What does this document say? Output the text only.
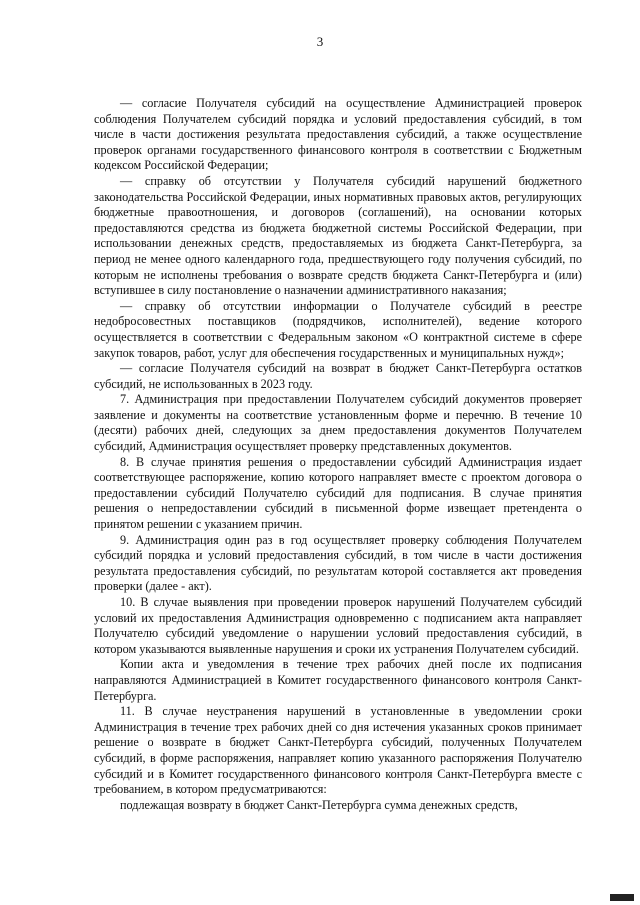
3

— согласие Получателя субсидий на осуществление Администрацией проверок соблюдения Получателем субсидий порядка и условий предоставления субсидий, в том числе в части достижения результата предоставления субсидий, а также осуществление проверок органами государственного финансового контроля в соответствии с Бюджетным кодексом Российской Федерации;

— справку об отсутствии у Получателя субсидий нарушений бюджетного законодательства Российской Федерации, иных нормативных правовых актов, регулирующих бюджетные правоотношения, и договоров (соглашений), на основании которых предоставляются средства из бюджета бюджетной системы Российской Федерации, при использовании денежных средств, предоставляемых из бюджета Санкт-Петербурга, за период не менее одного календарного года, предшествующего году получения субсидий, по которым не исполнены требования о возврате средств бюджета Санкт-Петербурга и (или) вступившее в силу постановление о назначении административного наказания;

— справку об отсутствии информации о Получателе субсидий в реестре недобросовестных поставщиков (подрядчиков, исполнителей), ведение которого осуществляется в соответствии с Федеральным законом «О контрактной системе в сфере закупок товаров, работ, услуг для обеспечения государственных и муниципальных нужд»;

— согласие Получателя субсидий на возврат в бюджет Санкт-Петербурга остатков субсидий, не использованных в 2023 году.

7. Администрация при предоставлении Получателем субсидий документов проверяет заявление и документы на соответствие установленным форме и перечню. В течение 10 (десяти) рабочих дней, следующих за днем предоставления документов Получателем субсидий, Администрация осуществляет проверку представленных документов.

8. В случае принятия решения о предоставлении субсидий Администрация издает соответствующее распоряжение, копию которого направляет вместе с проектом договора о предоставлении субсидий Получателю субсидий для подписания. В случае принятия решения о непредоставлении субсидий в письменной форме извещает претендента о принятом решении с указанием причин.

9. Администрация один раз в год осуществляет проверку соблюдения Получателем субсидий порядка и условий предоставления субсидий, в том числе в части достижения результата предоставления субсидий, по результатам которой составляется акт проведения проверки (далее - акт).

10. В случае выявления при проведении проверок нарушений Получателем субсидий условий их предоставления Администрация одновременно с подписанием акта направляет Получателю субсидий уведомление о нарушении условий предоставления субсидий, в котором указываются выявленные нарушения и сроки их устранения Получателем субсидий.

Копии акта и уведомления в течение трех рабочих дней после их подписания направляются Администрацией в Комитет государственного финансового контроля Санкт-Петербурга.

11. В случае неустранения нарушений в установленные в уведомлении сроки Администрация в течение трех рабочих дней со дня истечения указанных сроков принимает решение о возврате в бюджет Санкт-Петербурга субсидий, полученных Получателем субсидий, в форме распоряжения, направляет копию указанного распоряжения Получателю субсидий и в Комитет государственного финансового контроля Санкт-Петербурга вместе с требованием, в котором предусматриваются:

подлежащая возврату в бюджет Санкт-Петербурга сумма денежных средств,
